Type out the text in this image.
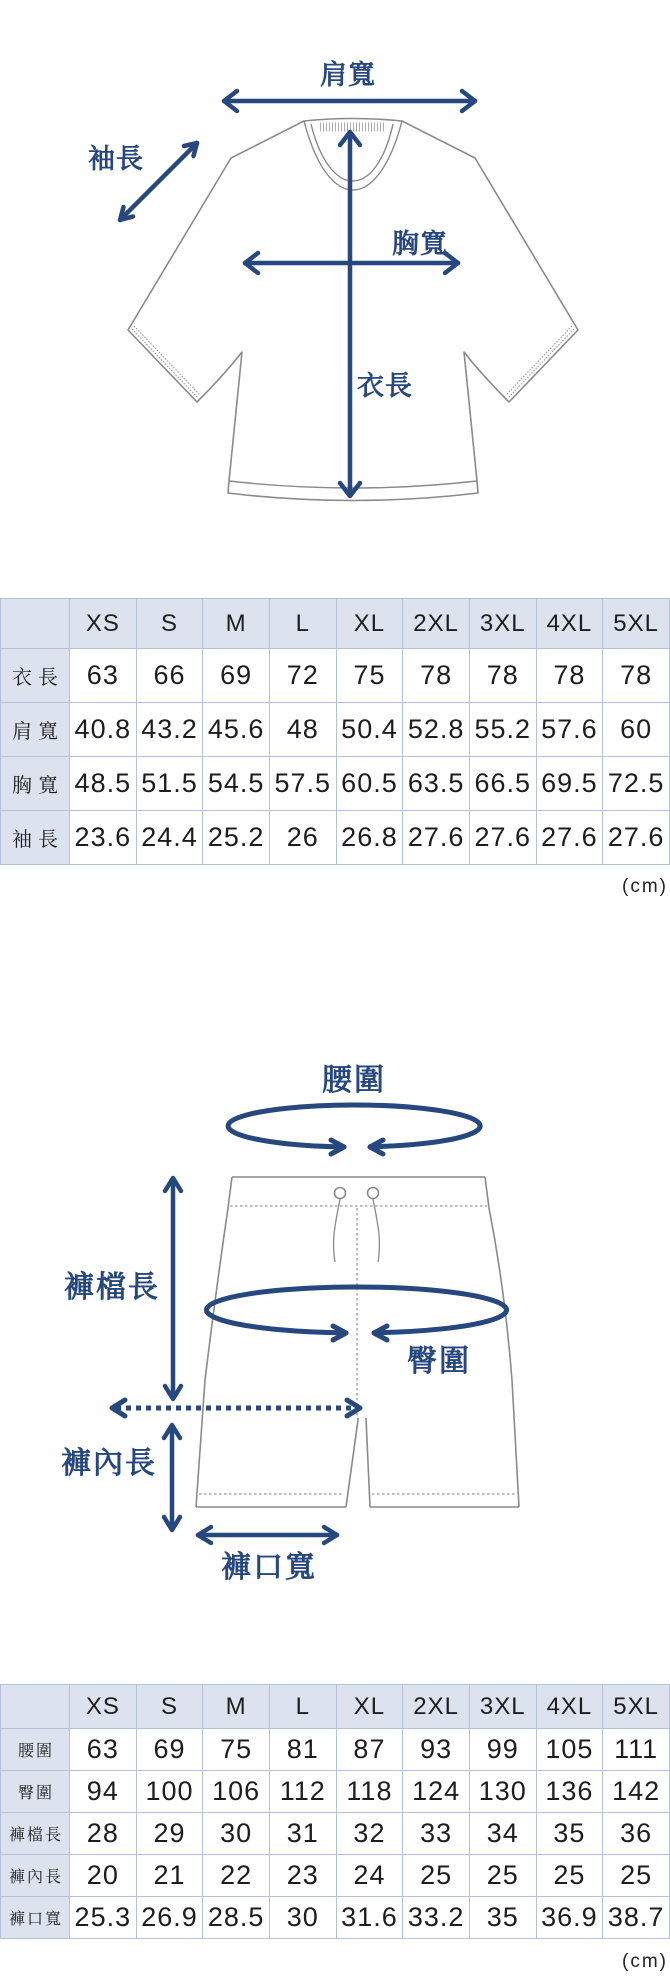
肩寬
袖長
胸寬
衣長
	XS	S	M	L	XL	2XL	3XL	4XL	5XL
衣長	63	66	69	72	75	78	78	78	78
肩寬	40.8	43.2	45.6	48	50.4	52.8	55.2	57.6	60
胸寬	48.5	51.5	54.5	57.5	60.5	63.5	66.5	69.5	72.5
袖長	23.6	24.4	25.2	26	26.8	27.6	27.6	27.6	27.6
(cm)
腰圍
褲檔長
臀圍
褲內長
褲口寬
	XS	S	M	L	XL	2XL	3XL	4XL	5XL
腰圍	63	69	75	81	87	93	99	105	111
臀圍	94	100	106	112	118	124	130	136	142
褲檔長	28	29	30	31	32	33	34	35	36
褲內長	20	21	22	23	24	25	25	25	25
褲口寬	25.3	26.9	28.5	30	31.6	33.2	35	36.9	38.7
(cm)
